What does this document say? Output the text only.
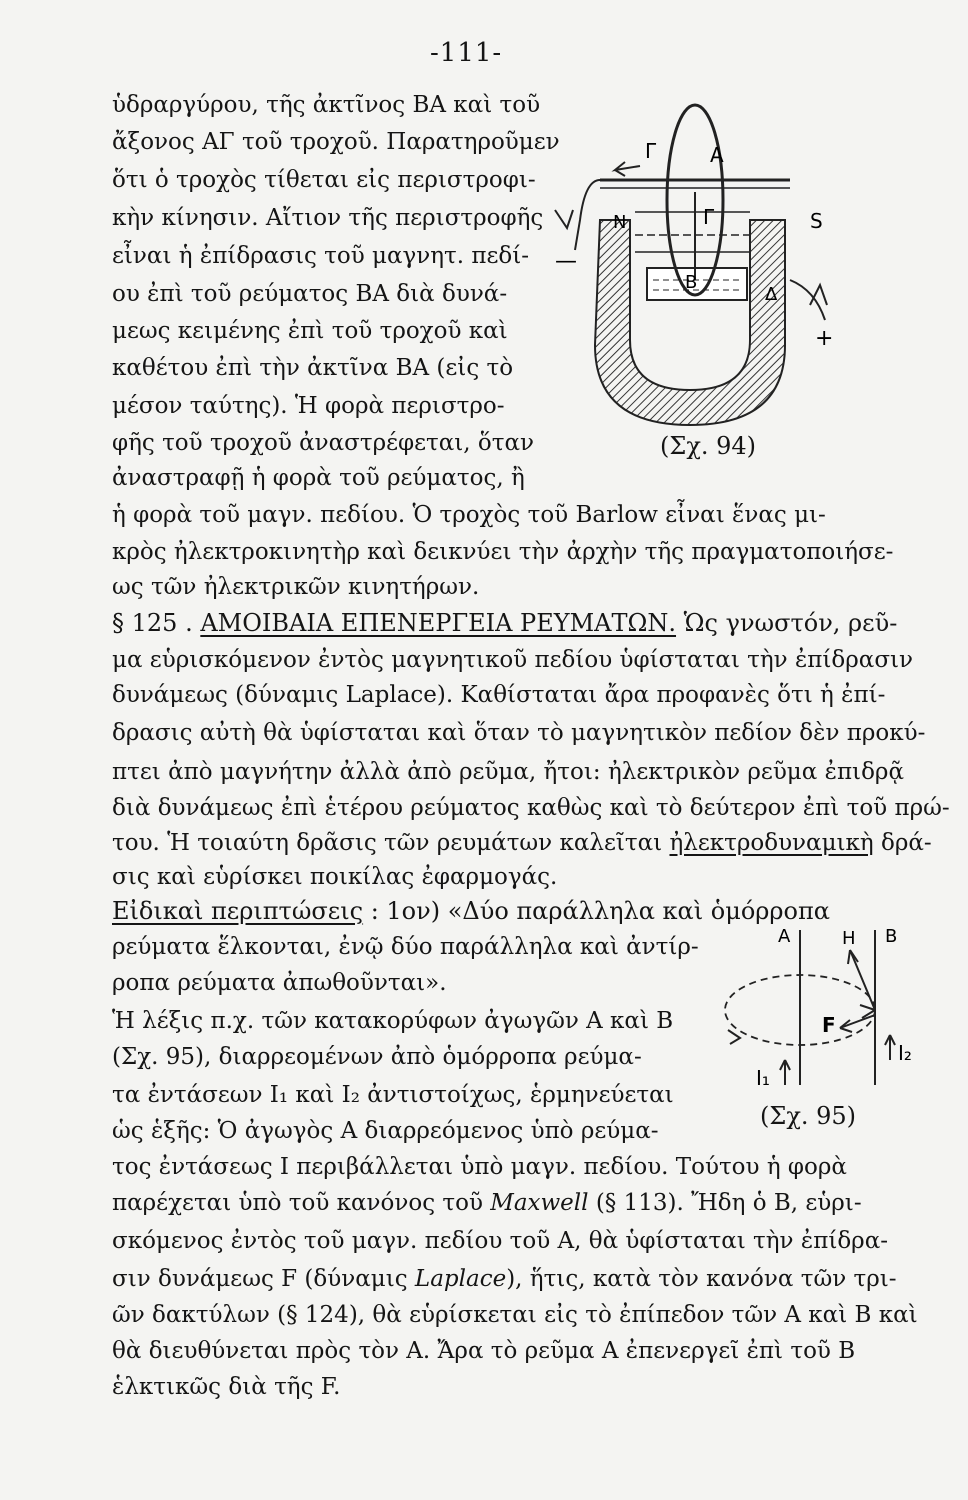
-111-
ὑδραργύρου, τῆς ἀκτῖνος ΒΑ καὶ τοῦ
ἄξονος ΑΓ τοῦ τροχοῦ. Παρατηροῦμεν
ὅτι ὁ τροχὸς τίθεται εἰς περιστροφι-
κὴν κίνησιν. Αἴτιον τῆς περιστροφῆς
εἶναι ἡ ἐπίδρασις τοῦ μαγνητ. πεδί-
ου ἐπὶ τοῦ ρεύματος ΒΑ διὰ δυνά-
μεως κειμένης ἐπὶ τοῦ τροχοῦ καὶ
καθέτου ἐπὶ τὴν ἀκτῖνα ΒΑ (εἰς τὸ
μέσον ταύτης). Ἡ φορὰ περιστρο-
φῆς τοῦ τροχοῦ ἀναστρέφεται, ὅταν
ἀναστραφῇ ἡ φορὰ τοῦ ρεύματος, ἢ
ἡ φορὰ τοῦ μαγν. πεδίου. Ὁ τροχὸς τοῦ Barlow εἶναι ἕνας μι-
κρὸς ἠλεκτροκινητὴρ καὶ δεικνύει τὴν ἀρχὴν τῆς πραγματοποιήσε-
ως τῶν ἠλεκτρικῶν κινητήρων.
§ 125 . ΑΜΟΙΒΑΙΑ ΕΠΕΝΕΡΓΕΙΑ ΡΕΥΜΑΤΩΝ. Ὡς γνωστόν, ρεῦ-
μα εὑρισκόμενον ἐντὸς μαγνητικοῦ πεδίου ὑφίσταται τὴν ἐπίδρασιν
δυνάμεως (δύναμις Laplace). Καθίσταται ἄρα προφανὲς ὅτι ἡ ἐπί-
δρασις αὐτὴ θὰ ὑφίσταται καὶ ὅταν τὸ μαγνητικὸν πεδίον δὲν προκύ-
πτει ἀπὸ μαγνήτην ἀλλὰ ἀπὸ ρεῦμα, ἤτοι: ἠλεκτρικὸν ρεῦμα ἐπιδρᾷ
διὰ δυνάμεως ἐπὶ ἑτέρου ρεύματος καθὼς καὶ τὸ δεύτερον ἐπὶ τοῦ πρώ-
του. Ἡ τοιαύτη δρᾶσις τῶν ρευμάτων καλεῖται ἠλεκτροδυναμικὴ δρά-
σις καὶ εὑρίσκει ποικίλας ἐφαρμογάς.
Εἰδικαὶ περιπτώσεις : 1ον) «Δύο παράλληλα καὶ ὁμόρροπα
ρεύματα ἕλκονται, ἐνῷ δύο παράλληλα καὶ ἀντίρ-
ροπα ρεύματα ἀπωθοῦνται».
Ἡ λέξις π.χ. τῶν κατακορύφων ἀγωγῶν Α καὶ Β
(Σχ. 95), διαρρεομένων ἀπὸ ὁμόρροπα ρεύμα-
τα ἐντάσεων I₁ καὶ I₂ ἀντιστοίχως, ἑρμηνεύεται
ὡς ἑξῆς: Ὁ ἀγωγὸς Α διαρρεόμενος ὑπὸ ρεύμα-
τος ἐντάσεως I περιβάλλεται ὑπὸ μαγν. πεδίου. Τούτου ἡ φορὰ
παρέχεται ὑπὸ τοῦ κανόνος τοῦ Maxwell (§ 113). Ἤδη ὁ Β, εὑρι-
σκόμενος ἐντὸς τοῦ μαγν. πεδίου τοῦ Α, θὰ ὑφίσταται τὴν ἐπίδρα-
σιν δυνάμεως F (δύναμις Laplace), ἥτις, κατὰ τὸν κανόνα τῶν τρι-
ῶν δακτύλων (§ 124), θὰ εὑρίσκεται εἰς τὸ ἐπίπεδον τῶν Α καὶ Β καὶ
θὰ διευθύνεται πρὸς τὸν Α. Ἄρα τὸ ρεῦμα Α ἐπενεργεῖ ἐπὶ τοῦ Β
ἑλκτικῶς διὰ τῆς F.
Γ	A
Γ
N	S
B
Δ
—
+
(Σχ. 94)
A	H B
F
I₁
I₂
(Σχ. 95)
